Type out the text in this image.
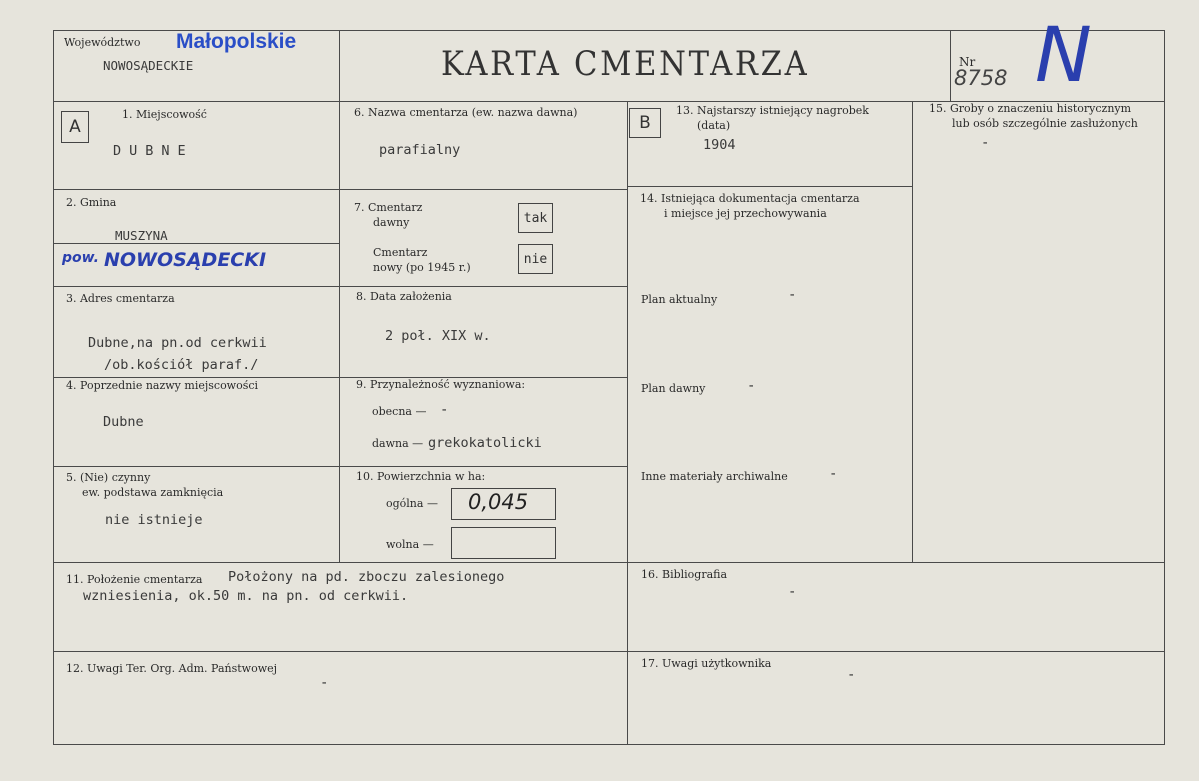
Województwo Małopolskie
NOWOSĄDECKIE	KARTA CMENTARZA	Nr
8758 N
A
1. Miejscowość
DUBNE
2. Gmina
MUSZYNA
pow. NOWOSĄDECKI
3. Adres cmentarza
Dubne,na pn.od cerkwii
/ob.kościół paraf./
4. Poprzednie nazwy miejscowości
Dubne
5. (Nie) czynny
ew. podstawa zamknięcia
nie istnieje
6. Nazwa cmentarza (ew. nazwa dawna)
parafialny
7. Cmentarz
dawny	tak
Cmentarz
nowy (po 1945 r.)
nie
8. Data założenia
2 poł. XIX w.
9. Przynależność wyznaniowa:
obecna — -
dawna — grekokatolicki
10. Powierzchnia w ha:
ogólna — 0,045
wolna —
B
13. Najstarszy istniejący nagrobek
(data)
1904
14. Istniejąca dokumentacja cmentarza
i miejsce jej przechowywania
Plan aktualny	-
Plan dawny	-
Inne materiały archiwalne	-
15. Groby o znaczeniu historycznym
lub osób szczególnie zasłużonych
-
11. Położenie cmentarza Położony na pd. zboczu zalesionego
wzniesienia, ok.50 m. na pn. od cerkwii.
16. Bibliografia
-
12. Uwagi Ter. Org. Adm. Państwowej
-
17. Uwagi użytkownika
-
